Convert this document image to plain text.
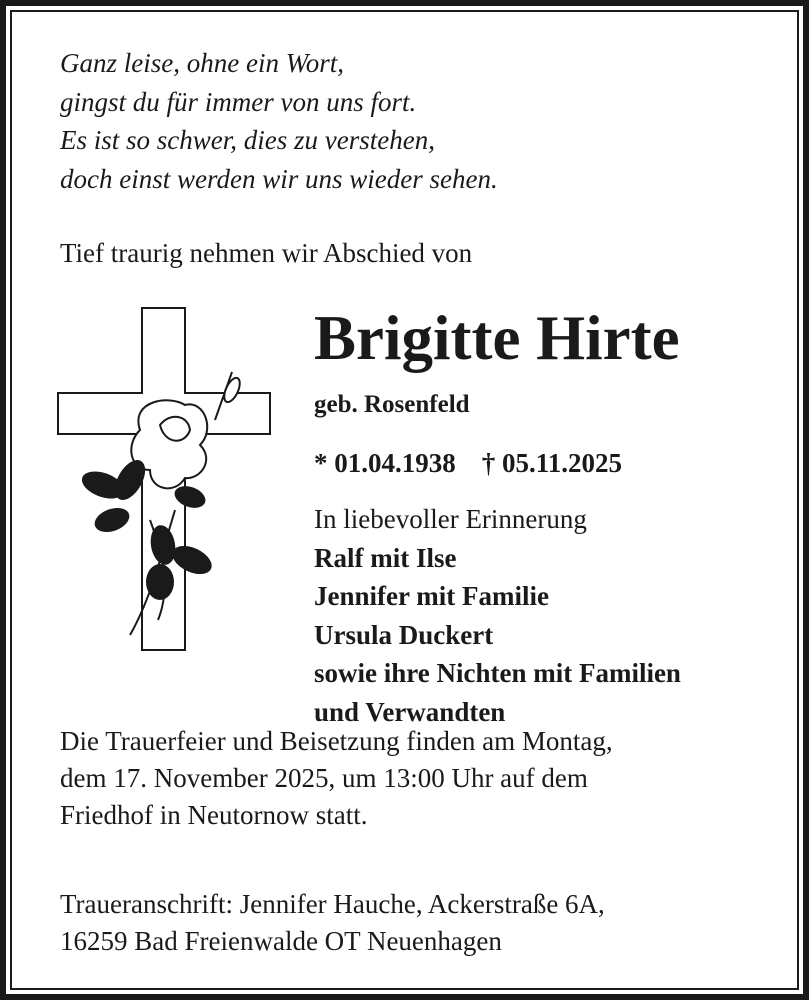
Ganz leise, ohne ein Wort,
gingst du für immer von uns fort.
Es ist so schwer, dies zu verstehen,
doch einst werden wir uns wieder sehen.
Tief traurig nehmen wir Abschied von
Brigitte Hirte
geb. Rosenfeld
* 01.04.1938 † 05.11.2025
In liebevoller Erinnerung
Ralf mit Ilse
Jennifer mit Familie
Ursula Duckert
sowie ihre Nichten mit Familien
und Verwandten
Die Trauerfeier und Beisetzung finden am Montag,
dem 17. November 2025, um 13:00 Uhr auf dem
Friedhof in Neutornow statt.
Traueranschrift: Jennifer Hauche, Ackerstraße 6A,
16259 Bad Freienwalde OT Neuenhagen
